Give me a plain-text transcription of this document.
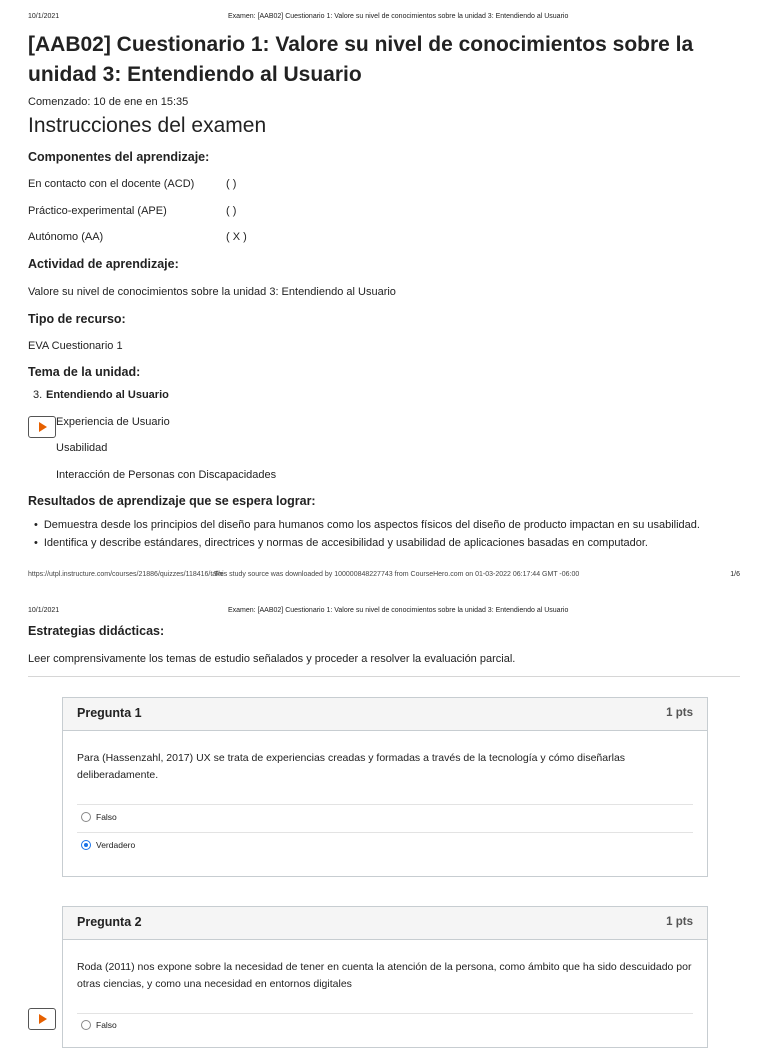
10/1/2021	Examen: [AAB02] Cuestionario 1: Valore su nivel de conocimientos sobre la unidad 3: Entendiendo al Usuario
[AAB02] Cuestionario 1: Valore su nivel de conocimientos sobre la unidad 3: Entendiendo al Usuario
Comenzado: 10 de ene en 15:35
Instrucciones del examen
Componentes del aprendizaje:
En contacto con el docente (ACD)	( )
Práctico-experimental (APE)	( )
Autónomo (AA)	( X )
Actividad de aprendizaje:
Valore su nivel de conocimientos sobre la unidad 3: Entendiendo al Usuario
Tipo de recurso:
EVA Cuestionario 1
Tema de la unidad:
3. Entendiendo al Usuario
Experiencia de Usuario
Usabilidad
Interacción de Personas con Discapacidades
Resultados de aprendizaje que se espera lograr:
• Demuestra desde los principios del diseño para humanos como los aspectos físicos del diseño de producto impactan en su usabilidad.
• Identifica y describe estándares, directrices y normas de accesibilidad y usabilidad de aplicaciones basadas en computador.
https://utpl.instructure.com/courses/21886/quizzes/118416/take
This study source was downloaded by 100000848227743 from CourseHero.com on 01-03-2022 06:17:44 GMT -06:00	1/6
10/1/2021	Examen: [AAB02] Cuestionario 1: Valore su nivel de conocimientos sobre la unidad 3: Entendiendo al Usuario
Estrategias didácticas:
Leer comprensivamente los temas de estudio señalados y proceder a resolver la evaluación parcial.
Pregunta 1	1 pts
Para (Hassenzahl, 2017) UX se trata de experiencias creadas y formadas a través de la tecnología y cómo diseñarlas deliberadamente.
Falso
Verdadero
Pregunta 2	1 pts
Roda (2011) nos expone sobre la necesidad de tener en cuenta la atención de la persona, como ámbito que ha sido descuidado por otras ciencias, y como una necesidad en entornos digitales
Falso
